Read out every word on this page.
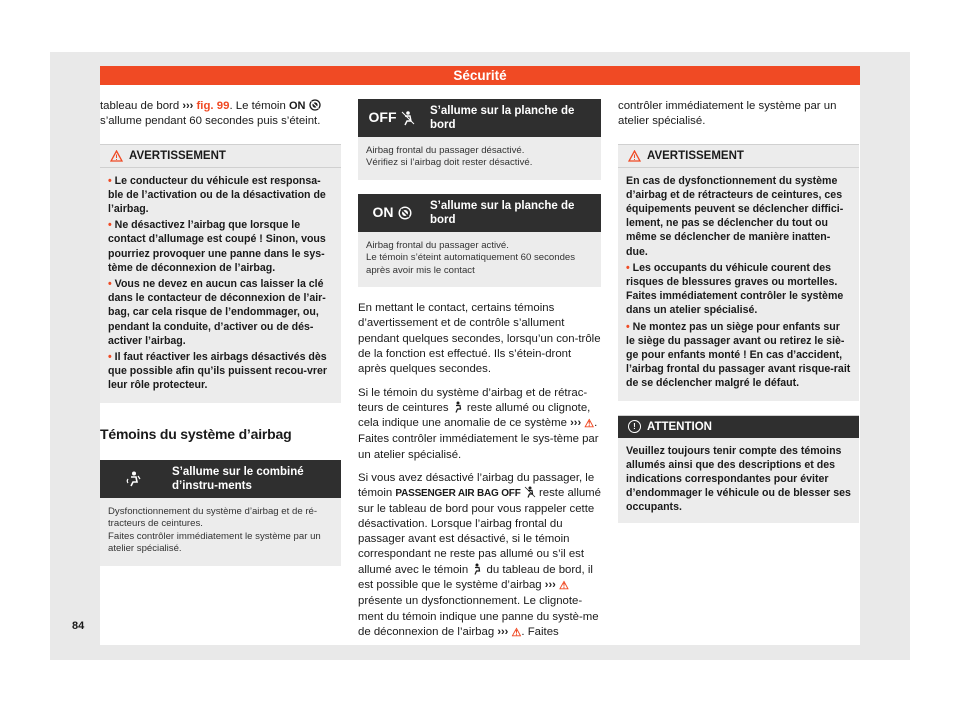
Sécurité
84

tableau de bord ››› fig. 99. Le témoin ON  s’allume pendant 60 secondes puis s’éteint.

AVERTISSEMENT
• Le conducteur du véhicule est responsa-ble de l’activation ou de la désactivation de l’airbag.
• Ne désactivez l’airbag que lorsque le contact d’allumage est coupé ! Sinon, vous pourriez provoquer une panne dans le sys-tème de déconnexion de l’airbag.
• Vous ne devez en aucun cas laisser la clé dans le contacteur de déconnexion de l’air-bag, car cela risque de l’endommager, ou, pendant la conduite, d’activer ou de dés-activer l’airbag.
• Il faut réactiver les airbags désactivés dès que possible afin qu’ils puissent recou-vrer leur rôle protecteur.
Témoins du système d’airbag
S’allume sur le combiné d’instru-ments
Dysfonctionnement du système d’airbag et de ré-tracteurs de ceintures.
Faites contrôler immédiatement le système par un atelier spécialisé.
OFF	S’allume sur la planche de bord
Airbag frontal du passager désactivé.
Vérifiez si l’airbag doit rester désactivé.
ON	S’allume sur la planche de bord
Airbag frontal du passager activé.
Le témoin s’éteint automatiquement 60 secondes après avoir mis le contact

En mettant le contact, certains témoins d’avertissement et de contrôle s’allument pendant quelques secondes, lorsqu’un con-trôle de la fonction est effectué. Ils s’étein-dront après quelques secondes.

Si le témoin du système d’airbag et de rétrac-teurs de ceintures  reste allumé ou clignote, cela indique une anomalie de ce système ››› ⚠. Faites contrôler immédiatement le sys-tème par un atelier spécialisé.

Si vous avez désactivé l’airbag du passager, le témoin PASSENGER AIR BAG OFF  reste allumé sur le tableau de bord pour vous rappeler cette désactivation. Lorsque l’airbag frontal du passager avant est désactivé, si le témoin correspondant ne reste pas allumé ou s’il est allumé avec le témoin  du tableau de bord, il est possible que le système d’airbag ››› ⚠ présente un dysfonctionnement. Le clignote-ment du témoin indique une panne du systè-me de déconnexion de l’airbag ››› ⚠. Faites

contrôler immédiatement le système par un atelier spécialisé.

AVERTISSEMENT
En cas de dysfonctionnement du système d’airbag et de rétracteurs de ceintures, ces équipements peuvent se déclencher diffici-lement, ne pas se déclencher du tout ou même se déclencher de manière inatten-due.
• Les occupants du véhicule courent des risques de blessures graves ou mortelles. Faites immédiatement contrôler le système dans un atelier spécialisé.
• Ne montez pas un siège pour enfants sur le siège du passager avant ou retirez le siè-ge pour enfants monté ! En cas d’accident, l’airbag frontal du passager avant risque-rait de se déclencher malgré le défaut.
! ATTENTION
Veuillez toujours tenir compte des témoins allumés ainsi que des descriptions et des indications correspondantes pour éviter d’endommager le véhicule ou de blesser ses occupants.
